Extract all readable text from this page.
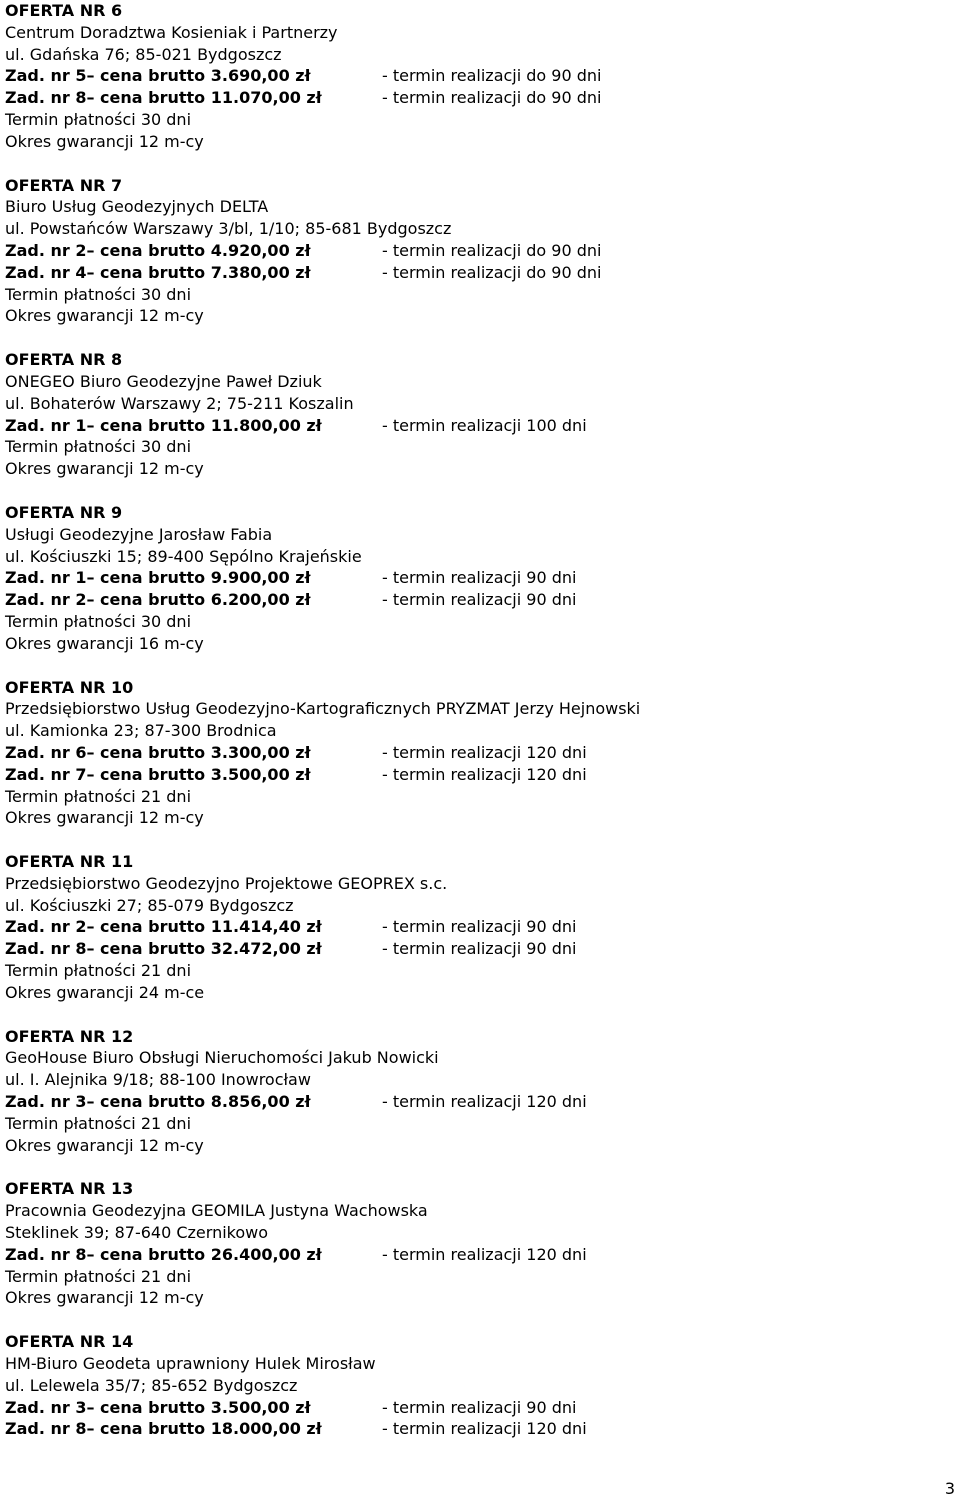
OFERTA NR 6
Centrum Doradztwa Kosieniak i Partnerzy
ul. Gdańska 76; 85-021 Bydgoszcz
Zad. nr 5– cena brutto 3.690,00 zł	- termin realizacji do 90 dni
Zad. nr 8– cena brutto 11.070,00 zł	- termin realizacji do 90 dni
Termin płatności 30 dni
Okres gwarancji 12 m-cy
OFERTA NR 7
Biuro Usług Geodezyjnych DELTA
ul. Powstańców Warszawy 3/bl, 1/10; 85-681 Bydgoszcz
Zad. nr 2– cena brutto 4.920,00 zł	- termin realizacji do 90 dni
Zad. nr 4– cena brutto 7.380,00 zł	- termin realizacji do 90 dni
Termin płatności 30 dni
Okres gwarancji 12 m-cy
OFERTA NR 8
ONEGEO Biuro Geodezyjne Paweł Dziuk
ul. Bohaterów Warszawy 2; 75-211 Koszalin
Zad. nr 1– cena brutto 11.800,00 zł	- termin realizacji 100 dni
Termin płatności 30 dni
Okres gwarancji 12 m-cy
OFERTA NR 9
Usługi Geodezyjne Jarosław Fabia
ul. Kościuszki 15; 89-400 Sępólno Krajeńskie
Zad. nr 1– cena brutto 9.900,00 zł	- termin realizacji 90 dni
Zad. nr 2– cena brutto 6.200,00 zł	- termin realizacji 90 dni
Termin płatności 30 dni
Okres gwarancji 16 m-cy
OFERTA NR 10
Przedsiębiorstwo Usług Geodezyjno-Kartograficznych PRYZMAT Jerzy Hejnowski
ul. Kamionka 23; 87-300 Brodnica
Zad. nr 6– cena brutto 3.300,00 zł	- termin realizacji 120 dni
Zad. nr 7– cena brutto 3.500,00 zł	- termin realizacji 120 dni
Termin płatności 21 dni
Okres gwarancji 12 m-cy
OFERTA NR 11
Przedsiębiorstwo Geodezyjno Projektowe GEOPREX s.c.
ul. Kościuszki 27; 85-079 Bydgoszcz
Zad. nr 2– cena brutto 11.414,40 zł	- termin realizacji 90 dni
Zad. nr 8– cena brutto 32.472,00 zł	- termin realizacji 90 dni
Termin płatności 21 dni
Okres gwarancji 24 m-ce
OFERTA NR 12
GeoHouse Biuro Obsługi Nieruchomości Jakub Nowicki
ul. I. Alejnika 9/18; 88-100 Inowrocław
Zad. nr 3– cena brutto 8.856,00 zł	- termin realizacji 120 dni
Termin płatności 21 dni
Okres gwarancji 12 m-cy
OFERTA NR 13
Pracownia Geodezyjna GEOMILA Justyna Wachowska
Steklinek 39; 87-640 Czernikowo
Zad. nr 8– cena brutto 26.400,00 zł	- termin realizacji 120 dni
Termin płatności 21 dni
Okres gwarancji 12 m-cy
OFERTA NR 14
HM-Biuro Geodeta uprawniony Hulek Mirosław
ul. Lelewela 35/7; 85-652 Bydgoszcz
Zad. nr 3– cena brutto 3.500,00 zł	- termin realizacji 90 dni
Zad. nr 8– cena brutto 18.000,00 zł	- termin realizacji 120 dni
3
